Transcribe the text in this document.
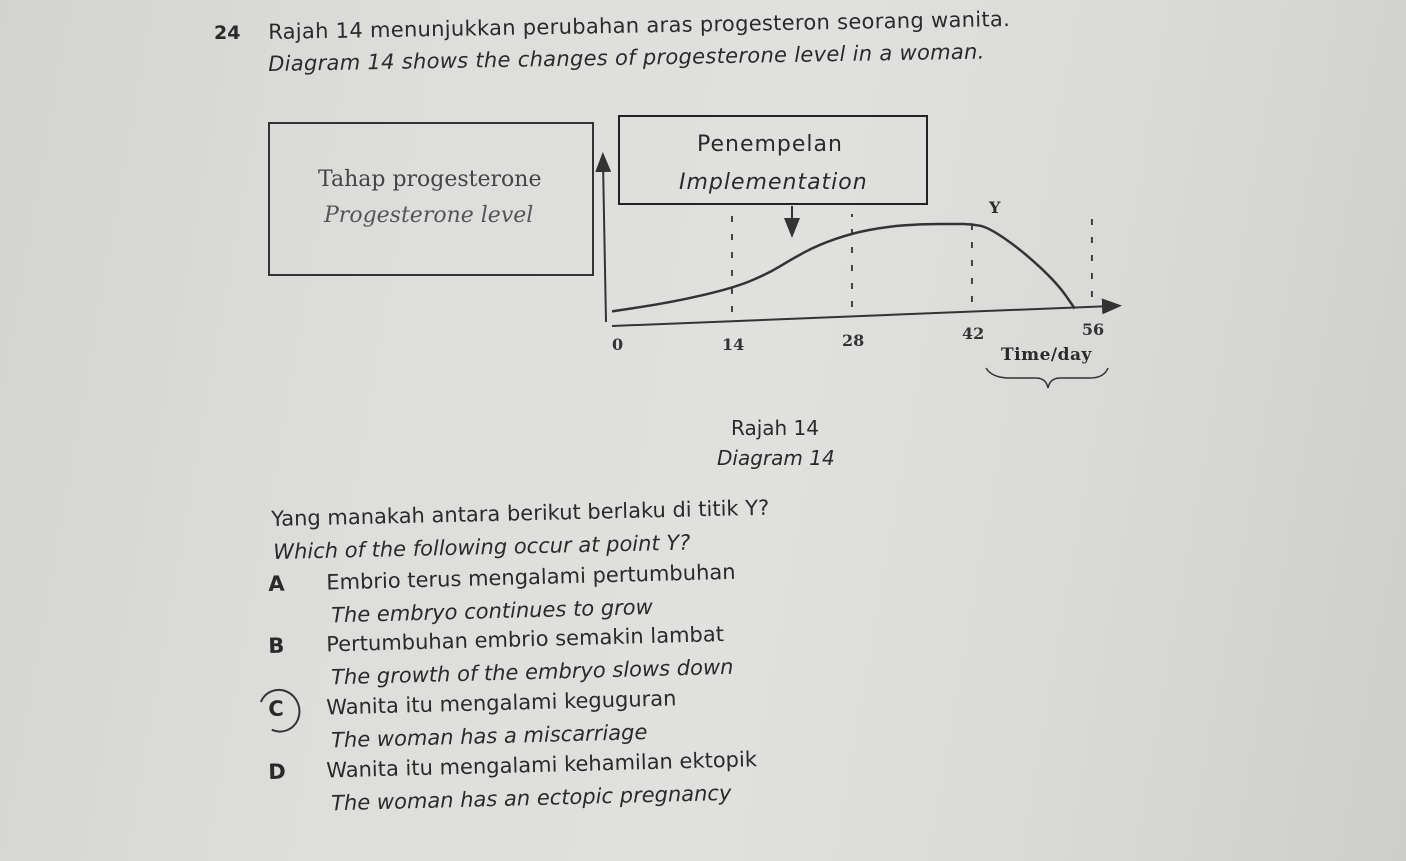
24 Rajah 14 menunjukkan perubahan aras progesteron seorang wanita.
Diagram 14 shows the changes of progesterone level in a woman.
Tahap progesterone
Progesterone level
Penempelan
Implementation
0	14	28	42	56
Y
Time/day
Rajah 14
Diagram 14
Yang manakah antara berikut berlaku di titik Y?
Which of the following occur at point Y?
A Embrio terus mengalami pertumbuhan
The embryo continues to grow
B Pertumbuhan embrio semakin lambat
The growth of the embryo slows down
C Wanita itu mengalami keguguran
The woman has a miscarriage
D Wanita itu mengalami kehamilan ektopik
The woman has an ectopic pregnancy
